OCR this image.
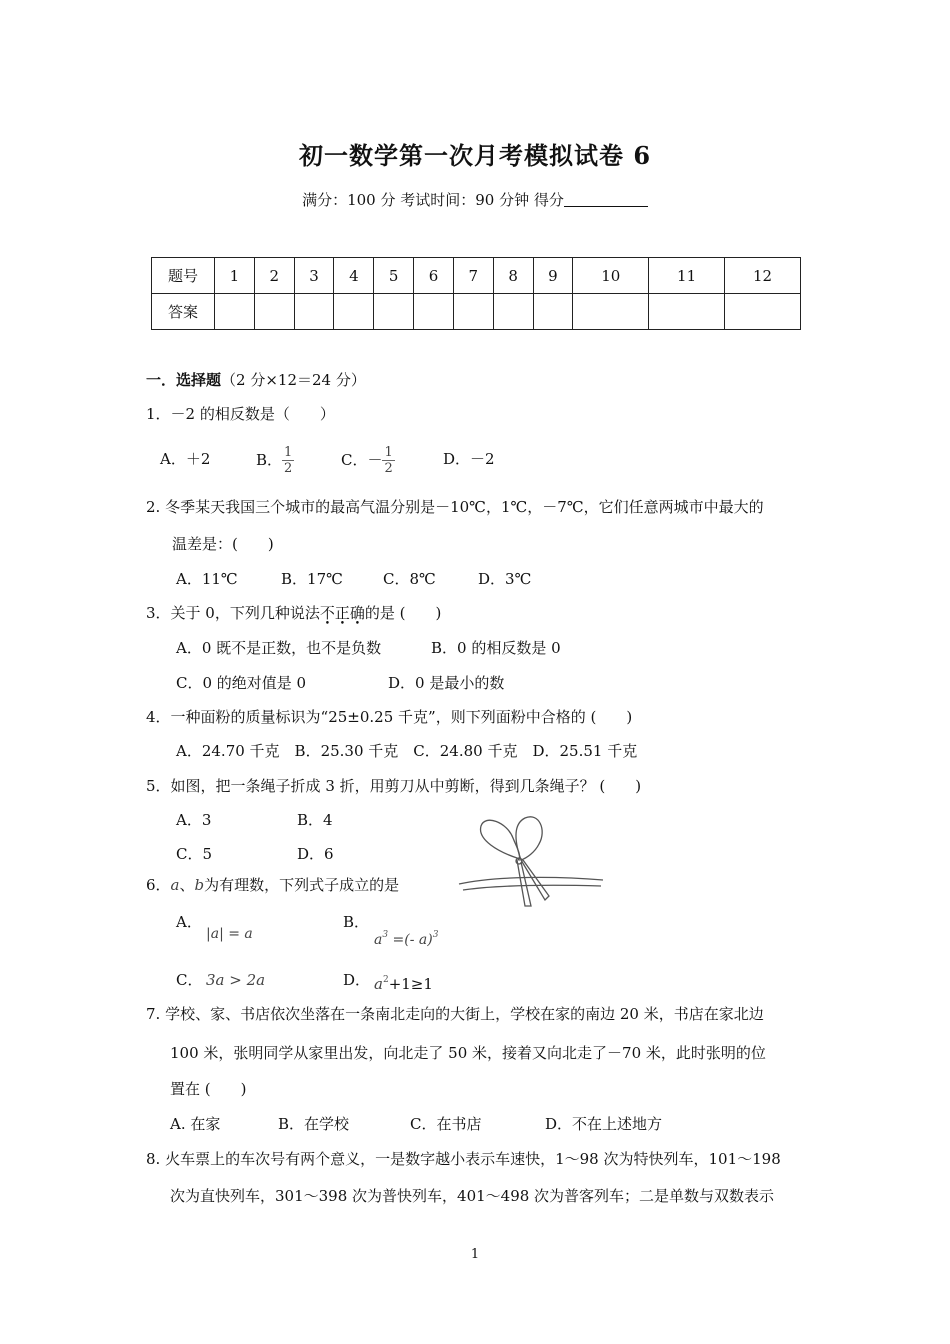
初一数学第一次月考模拟试卷 6
满分：100 分 考试时间：90 分钟 得分
题号	1	2	3	4	5	6	7	8	9	10	11	12
答案												
一．选择题（2 分×12＝24 分）
1．－2 的相反数是（　　）
A．＋2	B． $\frac{1}{2}$	C．－ $\frac{1}{2}$	D．－2
2. 冬季某天我国三个城市的最高气温分别是－10℃，1℃，－7℃，它们任意两城市中最大的
温差是：(　　)
A．11℃	B．17℃	C．8℃	D．3℃
3．关于 0，下列几种说法不正确的是 (　　)
A．0 既不是正数，也不是负数	B．0 的相反数是 0
C．0 的绝对值是 0	D．0 是最小的数
4．一种面粉的质量标识为“25±0.25 千克”，则下列面粉中合格的 (　　)
A．24.70 千克　B．25.30 千克　C．24.80 千克　D．25.51 千克
5．如图，把一条绳子折成 3 折，用剪刀从中剪断，得到几条绳子？ (　　)
A．3	B．4
C．5	D．6
6．a、b为有理数，下列式子成立的是
A．
|a| = a
B．
$a^3$ =(- a)$^3$
C． 3a > 2a	D． $a^2+1\ge 1$
7. 学校、家、书店依次坐落在一条南北走向的大街上，学校在家的南边 20 米，书店在家北边
100 米，张明同学从家里出发，向北走了 50 米，接着又向北走了－70 米，此时张明的位
置在 (　　)
A. 在家	B．在学校	C．在书店	D．不在上述地方
8. 火车票上的车次号有两个意义，一是数字越小表示车速快，1～98 次为特快列车，101～198
次为直快列车，301～398 次为普快列车，401～498 次为普客列车；二是单数与双数表示
1
